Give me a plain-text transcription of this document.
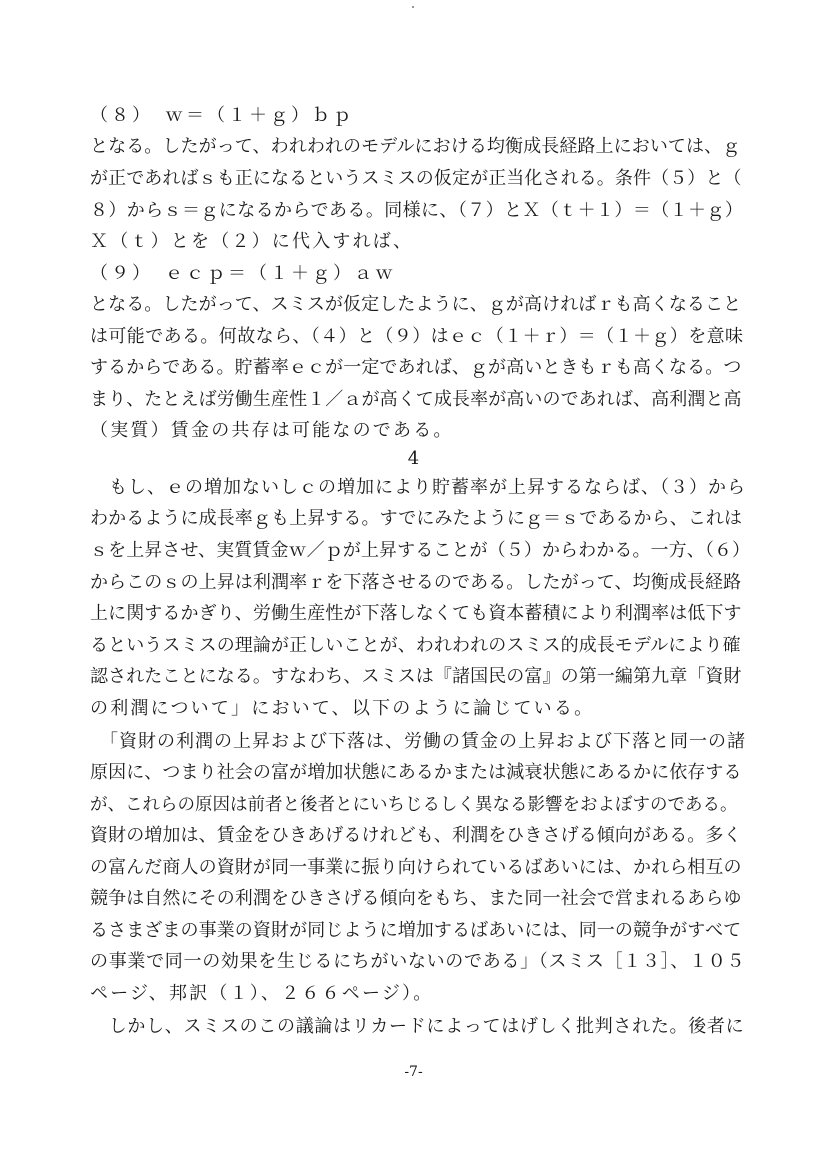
（８）　ｗ＝（１＋ｇ）ｂｐ
となる。したがって、われわれのモデルにおける均衡成長経路上においては、ｇ
が正であればｓも正になるというスミスの仮定が正当化される。条件（５）と（
８）からｓ＝ｇになるからである。同様に、（７）とＸ（ｔ＋１）＝（１＋ｇ）
Ｘ（ｔ）とを（２）に代入すれば、
（９）　ｅｃｐ＝（１＋ｇ）ａｗ
となる。したがって、スミスが仮定したように、ｇが高ければｒも高くなること
は可能である。何故なら、（４）と（９）はｅｃ（１＋ｒ）＝（１＋ｇ）を意味
するからである。貯蓄率ｅｃが一定であれば、ｇが高いときもｒも高くなる。つ
まり、たとえば労働生産性１／ａが高くて成長率が高いのであれば、高利潤と高
（実質）賃金の共存は可能なのである。
4
　もし、ｅの増加ないしｃの増加により貯蓄率が上昇するならば、（３）から
わかるように成長率ｇも上昇する。すでにみたようにｇ＝ｓであるから、これは
ｓを上昇させ、実質賃金ｗ／ｐが上昇することが（５）からわかる。一方、（６）
からこのｓの上昇は利潤率ｒを下落させるのである。したがって、均衡成長経路
上に関するかぎり、労働生産性が下落しなくても資本蓄積により利潤率は低下す
るというスミスの理論が正しいことが、われわれのスミス的成長モデルにより確
認されたことになる。すなわち、スミスは『諸国民の富』の第一編第九章「資財
の利潤について」において、以下のように論じている。
　「資財の利潤の上昇および下落は、労働の賃金の上昇および下落と同一の諸
原因に、つまり社会の富が増加状態にあるかまたは減衰状態にあるかに依存する
が、これらの原因は前者と後者とにいちじるしく異なる影響をおよぼすのである。
資財の増加は、賃金をひきあげるけれども、利潤をひきさげる傾向がある。多く
の富んだ商人の資財が同一事業に振り向けられているばあいには、かれら相互の
競争は自然にその利潤をひきさげる傾向をもち、また同一社会で営まれるあらゆ
るさまざまの事業の資財が同じように増加するばあいには、同一の競争がすべて
の事業で同一の効果を生じるにちがいないのである」（スミス［１３］、１０５
ページ、邦訳（１）、２６６ページ）。
　しかし、スミスのこの議論はリカードによってはげしく批判された。後者に
-7-
